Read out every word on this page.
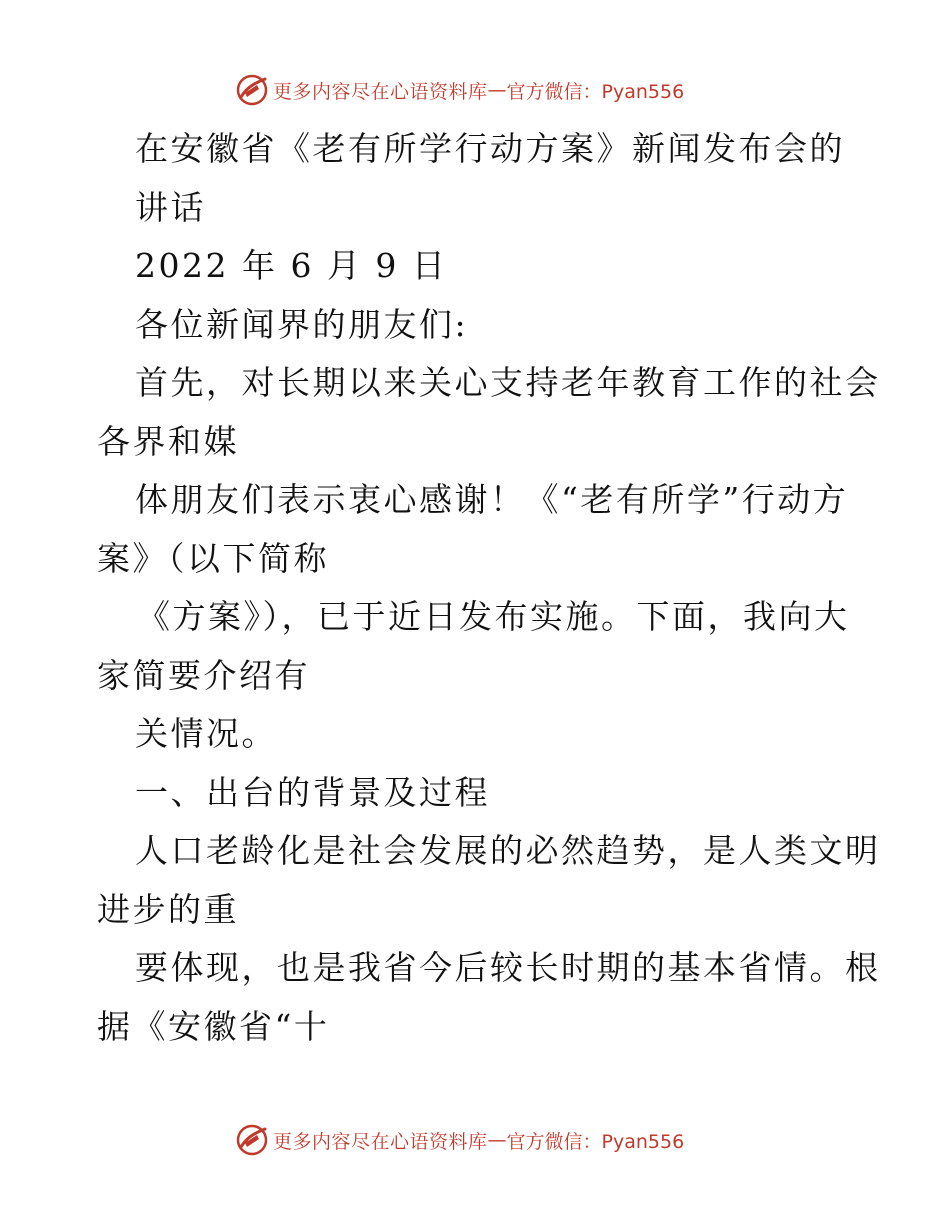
更多内容尽在心语资料库 — 官方微信：Pyan556
在安徽省《老有所学行动方案》新闻发布会的
讲话
2022 年 6 月 9 日
各位新闻界的朋友们:
首先，对长期以来关心支持老年教育工作的社会
各界和媒
体朋友们表示衷心感谢！《“老有所学”行动方
案》（以下简称
《方案》），已于近日发布实施。下面，我向大
家简要介绍有
关情况。
一、出台的背景及过程
人口老龄化是社会发展的必然趋势，是人类文明
进步的重
要体现，也是我省今后较长时期的基本省情。根
据《安徽省“十
更多内容尽在心语资料库 — 官方微信：Pyan556
